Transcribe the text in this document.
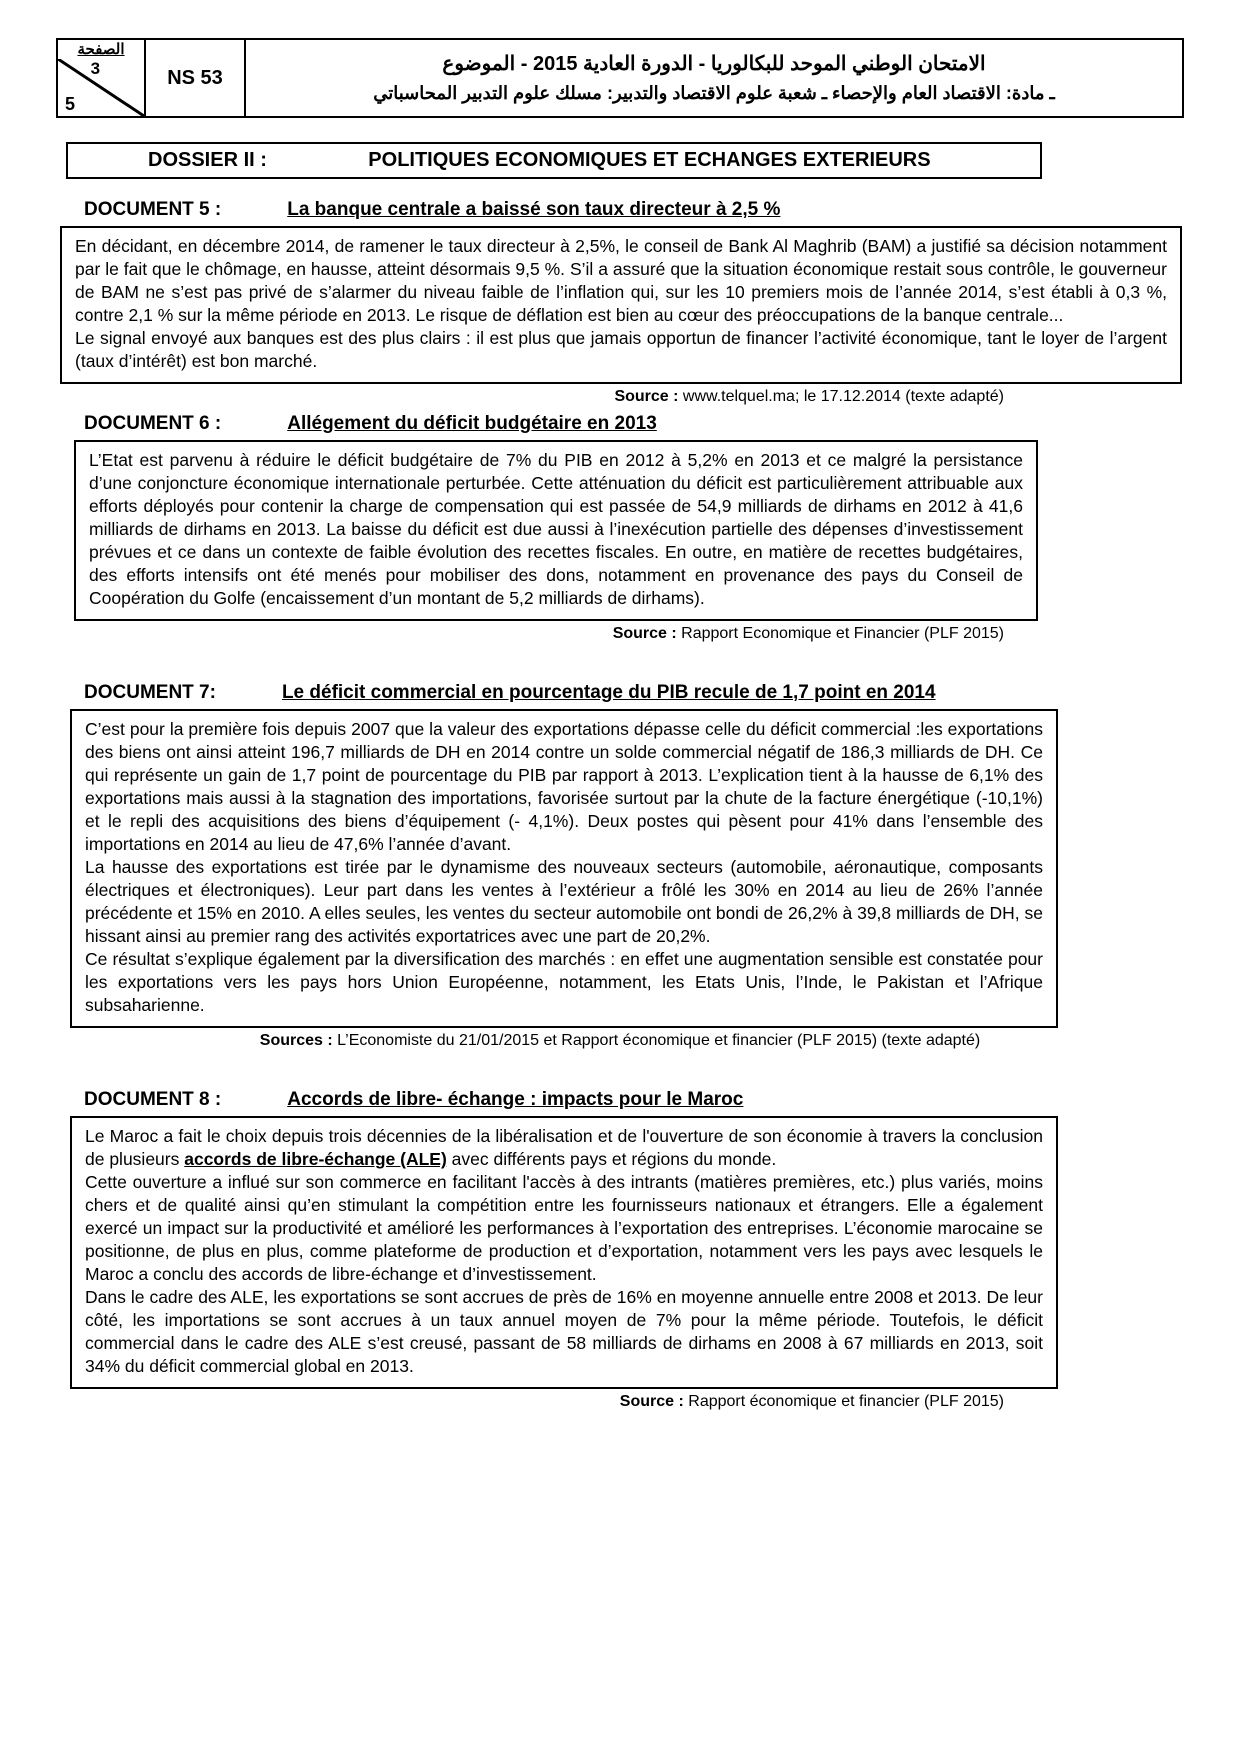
الصفحة
3
5
NS 53
الامتحان الوطني الموحد للبكالوريا - الدورة العادية 2015 - الموضوع
ـ مادة: الاقتصاد العام والإحصاء ـ شعبة علوم الاقتصاد والتدبير: مسلك علوم التدبير المحاسباتي
DOSSIER II :	POLITIQUES ECONOMIQUES ET ECHANGES EXTERIEURS
DOCUMENT 5 :	La banque centrale a baissé son taux directeur à 2,5 %

En décidant, en décembre 2014, de ramener le taux directeur à 2,5%, le conseil de Bank Al Maghrib (BAM) a justifié sa décision notamment par le fait que le chômage, en hausse, atteint désormais 9,5 %. S’il a assuré que la situation économique restait sous contrôle, le gouverneur de BAM ne s’est pas privé de s’alarmer du niveau faible de l’inflation qui, sur les 10 premiers mois de l’année 2014, s’est établi à 0,3 %, contre 2,1 % sur la même période en 2013. Le risque de déflation est bien au cœur des préoccupations de la banque centrale...

Le signal envoyé aux banques est des plus clairs : il est plus que jamais opportun de financer l’activité économique, tant le loyer de l’argent (taux d’intérêt) est bon marché.

Source : www.telquel.ma; le 17.12.2014 (texte adapté)
DOCUMENT 6 :	Allégement du déficit budgétaire en 2013

L’Etat est parvenu à réduire le déficit budgétaire de 7% du PIB en 2012 à 5,2% en 2013 et ce malgré la persistance d’une conjoncture économique internationale perturbée. Cette atténuation du déficit est particulièrement attribuable aux efforts déployés pour contenir la charge de compensation qui est passée de 54,9 milliards de dirhams en 2012 à 41,6 milliards de dirhams en 2013. La baisse du déficit est due aussi à l’inexécution partielle des dépenses d’investissement prévues et ce dans un contexte de faible évolution des recettes fiscales. En outre, en matière de recettes budgétaires, des efforts intensifs ont été menés pour mobiliser des dons, notamment en provenance des pays du Conseil de Coopération du Golfe (encaissement d’un montant de 5,2 milliards de dirhams).

Source : Rapport Economique et Financier (PLF 2015)
DOCUMENT 7:	Le déficit commercial en pourcentage du PIB recule de 1,7 point en 2014

C’est pour la première fois depuis 2007 que la valeur des exportations dépasse celle du déficit commercial :les exportations des biens ont ainsi atteint 196,7 milliards de DH en 2014 contre un solde commercial négatif de 186,3 milliards de DH. Ce qui représente un gain de 1,7 point de pourcentage du PIB par rapport à 2013. L’explication tient à la hausse de 6,1% des exportations mais aussi à la stagnation des importations, favorisée surtout par la chute de la facture énergétique (-10,1%) et le repli des acquisitions des biens d’équipement (- 4,1%). Deux postes qui pèsent pour 41% dans l’ensemble des importations en 2014 au lieu de 47,6% l’année d’avant.

La hausse des exportations est tirée par le dynamisme des nouveaux secteurs (automobile, aéronautique, composants électriques et électroniques). Leur part dans les ventes à l’extérieur a frôlé les 30% en 2014 au lieu de 26% l’année précédente et 15% en 2010. A elles seules, les ventes du secteur automobile ont bondi de 26,2% à 39,8 milliards de DH, se hissant ainsi au premier rang des activités exportatrices avec une part de 20,2%.

Ce résultat s’explique également par la diversification des marchés : en effet une augmentation sensible est constatée pour les exportations vers les pays hors Union Européenne, notamment, les Etats Unis, l’Inde, le Pakistan et l’Afrique subsaharienne.

Sources : L’Economiste du 21/01/2015 et Rapport économique et financier (PLF 2015) (texte adapté)
DOCUMENT 8 :	Accords de libre- échange : impacts pour le Maroc

Le Maroc a fait le choix depuis trois décennies de la libéralisation et de l'ouverture de son économie à travers la conclusion de plusieurs accords de libre-échange (ALE) avec différents pays et régions du monde.

Cette ouverture a influé sur son commerce en facilitant l'accès à des intrants (matières premières, etc.) plus variés, moins chers et de qualité ainsi qu’en stimulant la compétition entre les fournisseurs nationaux et étrangers. Elle a également exercé un impact sur la productivité et amélioré les performances à l’exportation des entreprises. L’économie marocaine se positionne, de plus en plus, comme plateforme de production et d’exportation, notamment vers les pays avec lesquels le Maroc a conclu des accords de libre-échange et d’investissement.

Dans le cadre des ALE, les exportations se sont accrues de près de 16% en moyenne annuelle entre 2008 et 2013. De leur côté, les importations se sont accrues à un taux annuel moyen de 7% pour la même période. Toutefois, le déficit commercial dans le cadre des ALE s’est creusé, passant de 58 milliards de dirhams en 2008 à 67 milliards en 2013, soit 34% du déficit commercial global en 2013.

Source : Rapport économique et financier (PLF 2015)
